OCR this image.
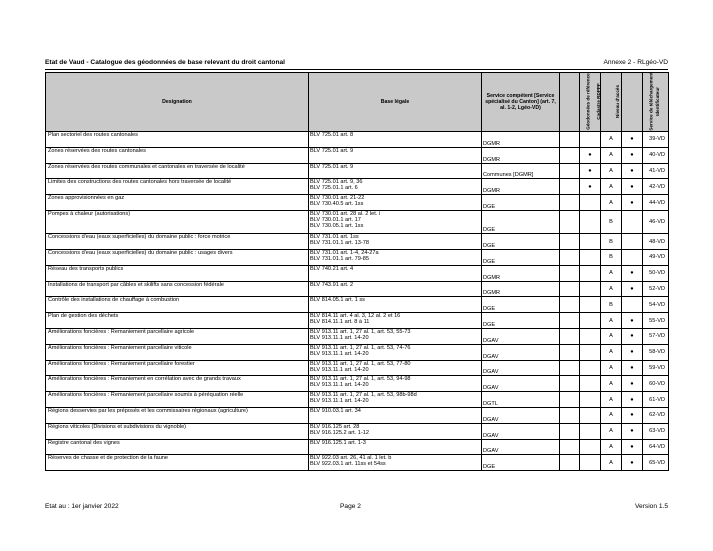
Etat de Vaud - Catalogue des géodonnées de base relevant du droit cantonal	Annexe 2 - RLgéo-VD
Designation	Base légale	Service compétent [Service spécialisé du Canton] (art. 7, al. 1-2, Lgéo-VD)	Géodonnées de référence	Cadastre RDPPF	Niveau d'accès	Service de téléchargement	Identificateur
Plan sectoriel des routes cantonales	BLV 725.01 art. 8	DGMR			A	●	39-VD
Zones réservées des routes cantonales	BLV 725.01 art. 9	DGMR		●	A	●	40-VD
Zones réservées des routes communales et cantonales en traversée de localité	BLV 725.01 art. 9	Communes [DGMR]		●	A	●	41-VD
Limites des constructions des routes cantonales hors traversée de localité	BLV 725.01 art. 9, 36
BLV 725.01.1 art. 6	DGMR		●	A	●	42-VD
Zones approvisionnées en gaz	BLV 730.01 art. 21-22
BLV 730.40.5 art. 1ss	DGE			A	●	44-VD
Pompes à chaleur (autorisations)	BLV 730.01 art. 28 al. 2 let. i
BLV 730.01.1 art. 17
BLV 730.05.1 art. 1ss	DGE			B		46-VD
Concessions d'eau (eaux superficielles) du domaine public : force motrice	BLV 731.01 art. 1ss
BLV 731.01.1 art. 13-78	DGE			B		48-VD
Concessions d'eau (eaux superficielles) du domaine public : usages divers	BLV 731.01 art. 1-4, 24-27a
BLV 731.01.1 art. 79-85	DGE			B		49-VD
Réseau des transports publics	BLV 740.21 art. 4	DGMR			A	●	50-VD
Installations de transport par câbles et skilifts sans concession fédérale	BLV 743.91 art. 2	DGMR			A	●	52-VD
Contrôle des installations de chauffage à combustion	BLV 814.05.1 art. 1 ss	DGE			B		54-VD
Plan de gestion des déchets	BLV 814.11 art. 4 al. 3, 12 al. 2 et 16
BLV 814.11.1 art. 8 à 11	DGE			A	●	55-VD
Améliorations foncières : Remaniement parcellaire agricole	BLV 913.11 art. 1, 27 al. 1, art. 53, 55-73
BLV 913.11.1 art. 14-20	DGAV			A	●	57-VD
Améliorations foncières : Remaniement parcellaire viticole	BLV 913.11 art. 1, 27 al. 1, art. 53, 74-76
BLV 913.11.1 art. 14-20	DGAV			A	●	58-VD
Améliorations foncières : Remaniement parcellaire forestier	BLV 913.11 art. 1, 27 al. 1, art. 53, 77-80
BLV 913.11.1 art. 14-20	DGAV			A	●	59-VD
Améliorations foncières : Remaniement en corrélation avec de grands travaux	BLV 913.11 art. 1, 27 al. 1, art. 53, 94-98
BLV 913.11.1 art. 14-20	DGAV			A	●	60-VD
Améliorations foncières : Remaniement parcellaire soumis à péréquation réelle	BLV 913.11 art. 1, 27 al. 1, art. 53, 98b-98d
BLV 913.11.1 art. 14-20	DGTL			A	●	61-VD
Régions desservies par les préposés et les commissaires régionaux (agriculture)	BLV 910.03.1 art. 34	DGAV			A	●	62-VD
Régions viticoles (Divisions et subdivisions du vignoble)	BLV 916.125 art. 28
BLV 916.125.2 art. 1-12	DGAV			A	●	63-VD
Registre cantonal des vignes	BLV 916.125.1 art. 1-3	DGAV			A	●	64-VD
Réserves de chasse et de protection de la faune	BLV 922.03 art. 26, 41 al. 1 let. b
BLV 922.03.1 art. 11ss et 54ss	DGE			A	●	65-VD
Etat au : 1er janvier 2022	Page 2	Version 1.5
